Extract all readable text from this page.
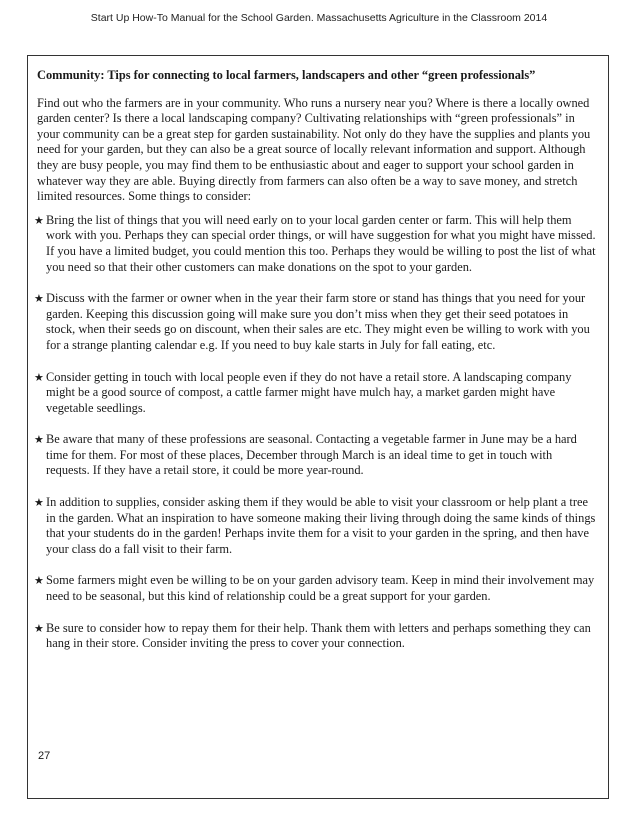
Start Up How-To Manual for the School Garden. Massachusetts Agriculture in the Classroom 2014

Community: Tips for connecting to local farmers, landscapers and other “green professionals”

Find out who the farmers are in your community. Who runs a nursery near you? Where is there a locally owned garden center? Is there a local landscaping company? Cultivating relationships with “green professionals” in your community can be a great step for garden sustainability. Not only do they have the supplies and plants you need for your garden, but they can also be a great source of locally relevant information and support. Although they are busy people, you may find them to be enthusiastic about and eager to support your school garden in whatever way they are able. Buying directly from farmers can also often be a way to save money, and stretch limited resources. Some things to consider:

★ Bring the list of things that you will need early on to your local garden center or farm. This will help them work with you. Perhaps they can special order things, or will have suggestion for what you might have missed. If you have a limited budget, you could mention this too. Perhaps they would be willing to post the list of what you need so that their other customers can make donations on the spot to your garden.
★ Discuss with the farmer or owner when in the year their farm store or stand has things that you need for your garden. Keeping this discussion going will make sure you don’t miss when they get their seed potatoes in stock, when their seeds go on discount, when their sales are etc. They might even be willing to work with you for a strange planting calendar e.g. If you need to buy kale starts in July for fall eating, etc.
★ Consider getting in touch with local people even if they do not have a retail store. A landscaping company might be a good source of compost, a cattle farmer might have mulch hay, a market garden might have vegetable seedlings.
★ Be aware that many of these professions are seasonal. Contacting a vegetable farmer in June may be a hard time for them. For most of these places, December through March is an ideal time to get in touch with requests. If they have a retail store, it could be more year-round.
★ In addition to supplies, consider asking them if they would be able to visit your classroom or help plant a tree in the garden. What an inspiration to have someone making their living through doing the same kinds of things that your students do in the garden! Perhaps invite them for a visit to your garden in the spring, and then have your class do a fall visit to their farm.
★ Some farmers might even be willing to be on your garden advisory team. Keep in mind their involvement may need to be seasonal, but this kind of relationship could be a great support for your garden.
★ Be sure to consider how to repay them for their help. Thank them with letters and perhaps something they can hang in their store. Consider inviting the press to cover your connection.
27
